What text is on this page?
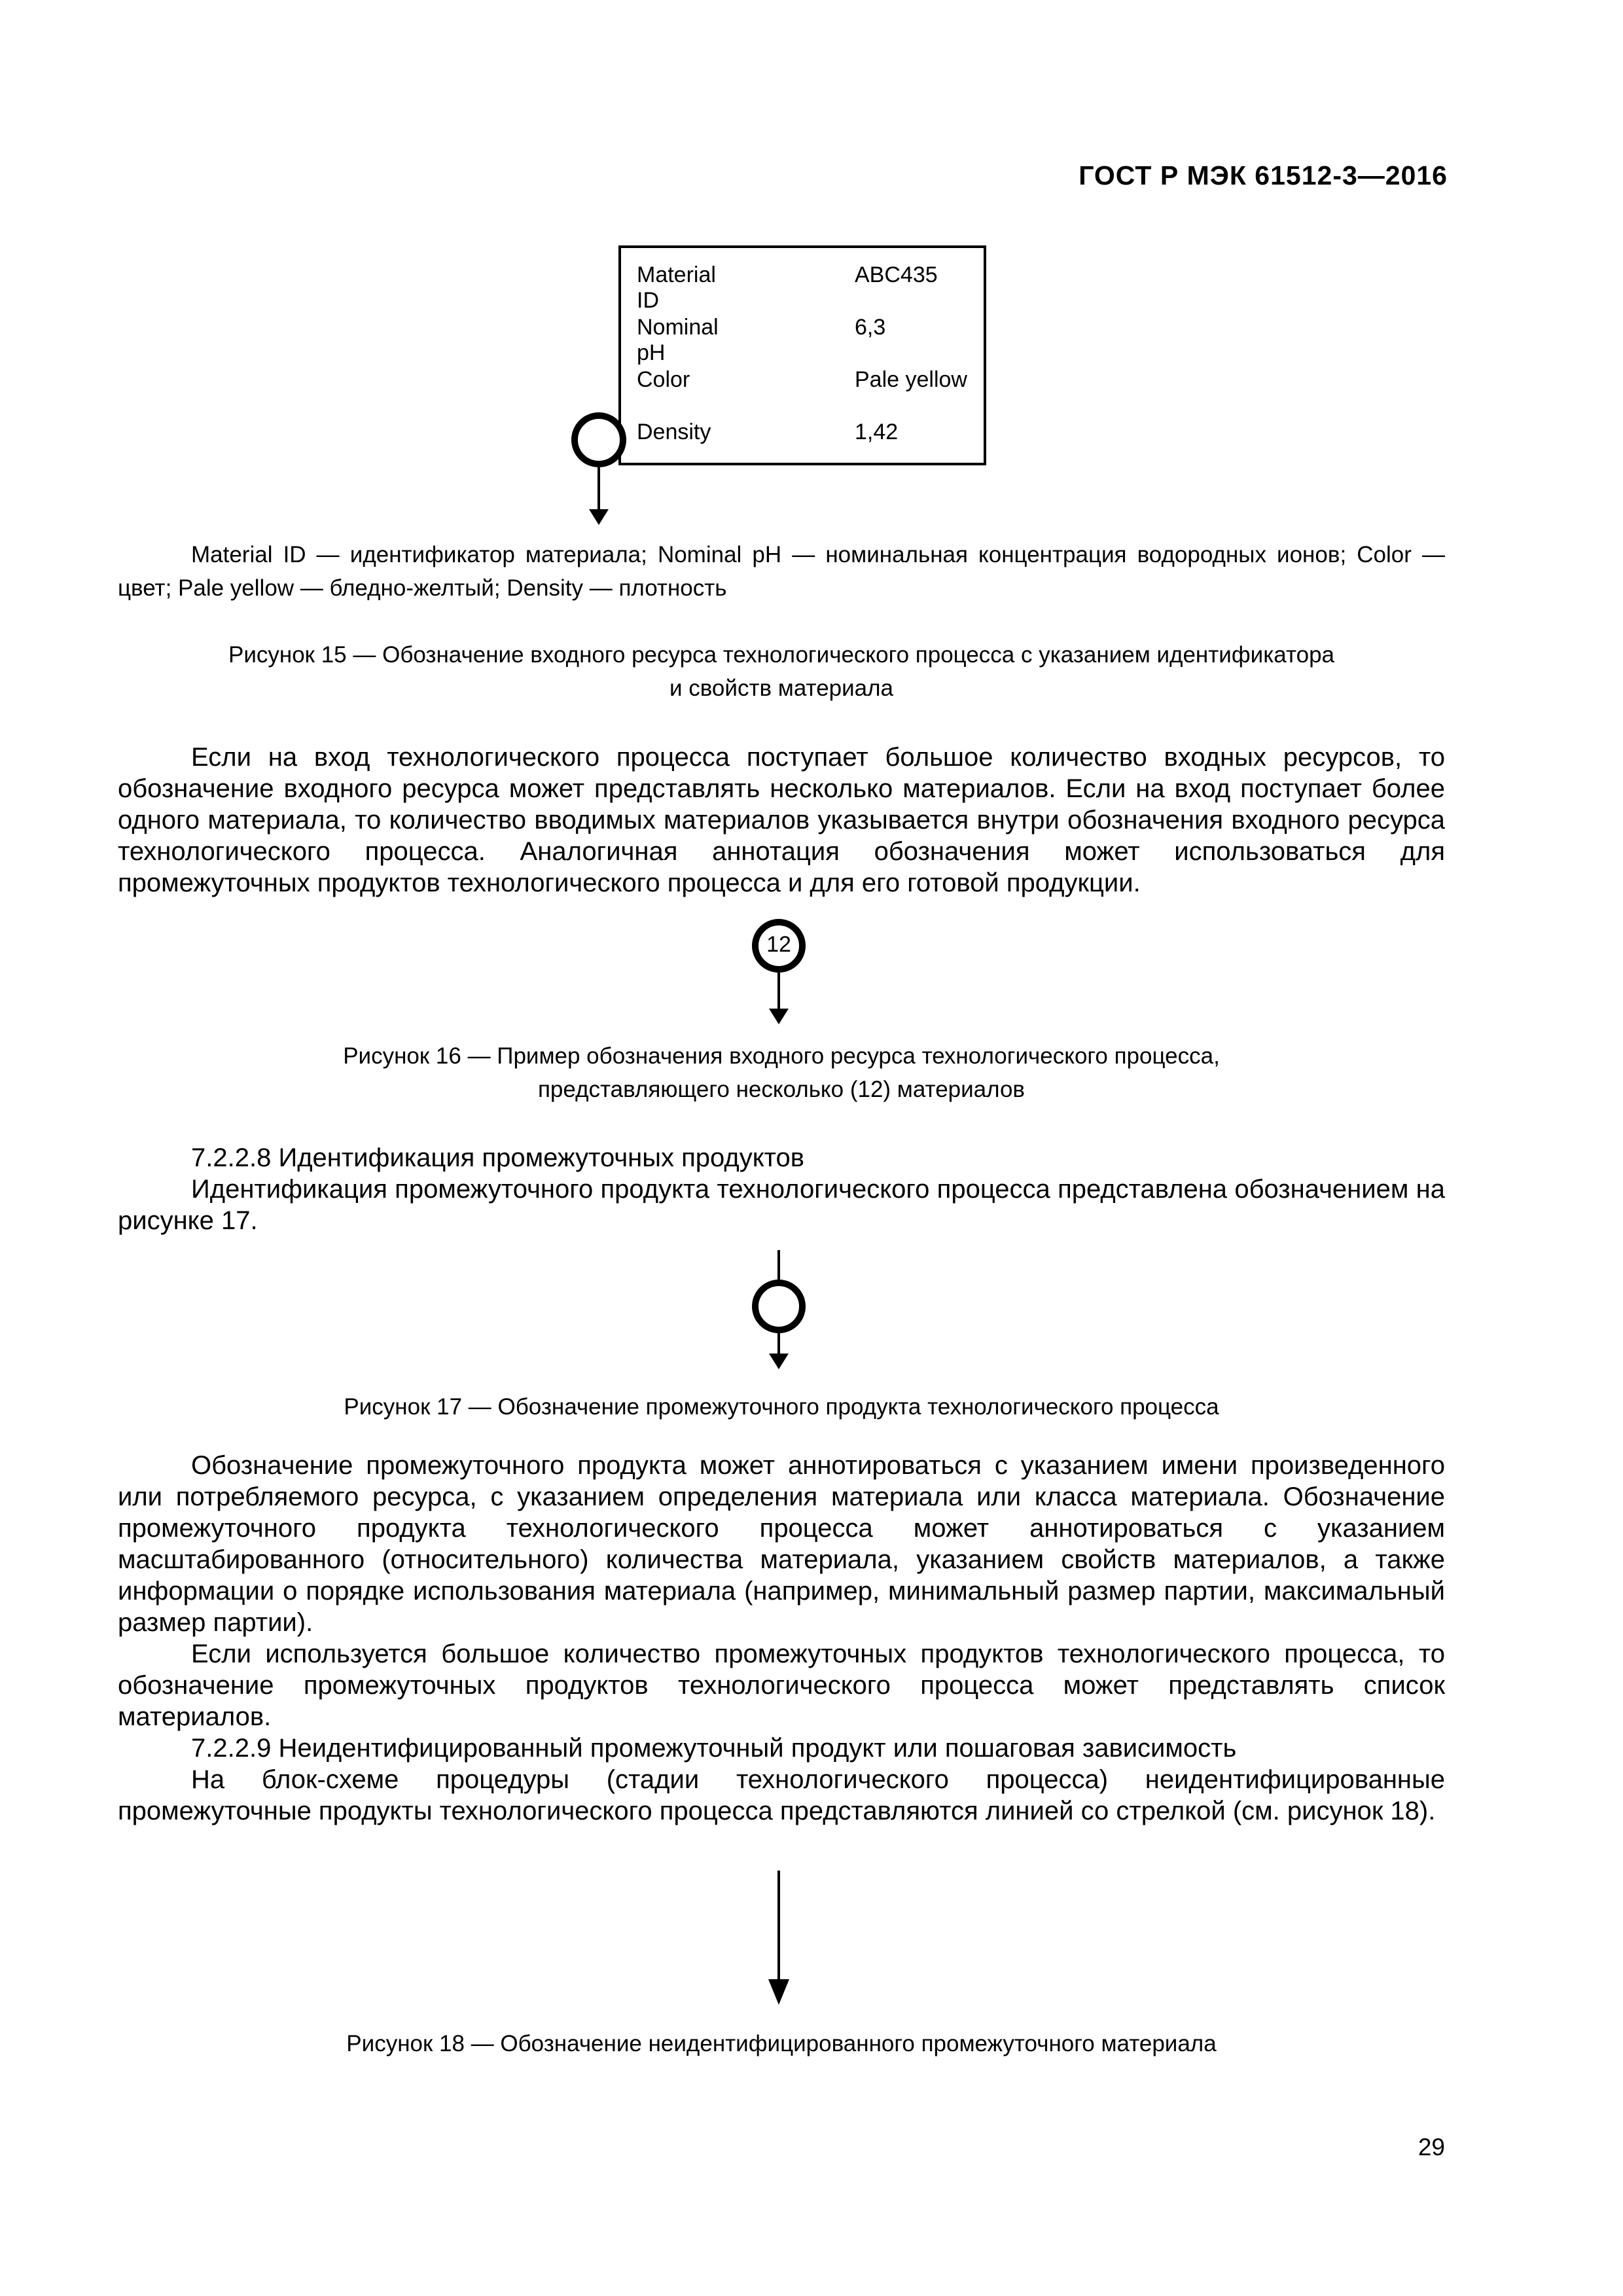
ГОСТ Р МЭК 61512-3—2016
Material ID
ABC435
Nominal pH
6,3
Color	Pale yellow
Density	1,42

Material ID — идентификатор материала; Nominal pH — номинальная концентрация водородных ионов; Color — цвет; Pale yellow — бледно-желтый; Density — плотность

Рисунок 15 — Обозначение входного ресурса технологического процесса с указанием идентификатора
и свойств материала

Если на вход технологического процесса поступает большое количество входных ресурсов, то обозначение входного ресурса может представлять несколько материалов. Если на вход поступает более одного материала, то количество вводимых материалов указывается внутри обозначения входного ресурса технологического процесса. Аналогичная аннотация обозначения может использоваться для промежуточных продуктов технологического процесса и для его готовой продукции.

12
Рисунок 16 — Пример обозначения входного ресурса технологического процесса,
представляющего несколько (12) материалов

7.2.2.8 Идентификация промежуточных продуктов

Идентификация промежуточного продукта технологического процесса представлена обозначением на рисунке 17.

Рисунок 17 — Обозначение промежуточного продукта технологического процесса

Обозначение промежуточного продукта может аннотироваться с указанием имени произведенного или потребляемого ресурса, с указанием определения материала или класса материала. Обозначение промежуточного продукта технологического процесса может аннотироваться с указанием масштабированного (относительного) количества материала, указанием свойств материалов, а также информации о порядке использования материала (например, минимальный размер партии, максимальный размер партии).

Если используется большое количество промежуточных продуктов технологического процесса, то обозначение промежуточных продуктов технологического процесса может представлять список материалов.

7.2.2.9 Неидентифицированный промежуточный продукт или пошаговая зависимость

На блок-схеме процедуры (стадии технологического процесса) неидентифицированные промежуточные продукты технологического процесса представляются линией со стрелкой (см. рисунок 18).

Рисунок 18 — Обозначение неидентифицированного промежуточного материала
29
